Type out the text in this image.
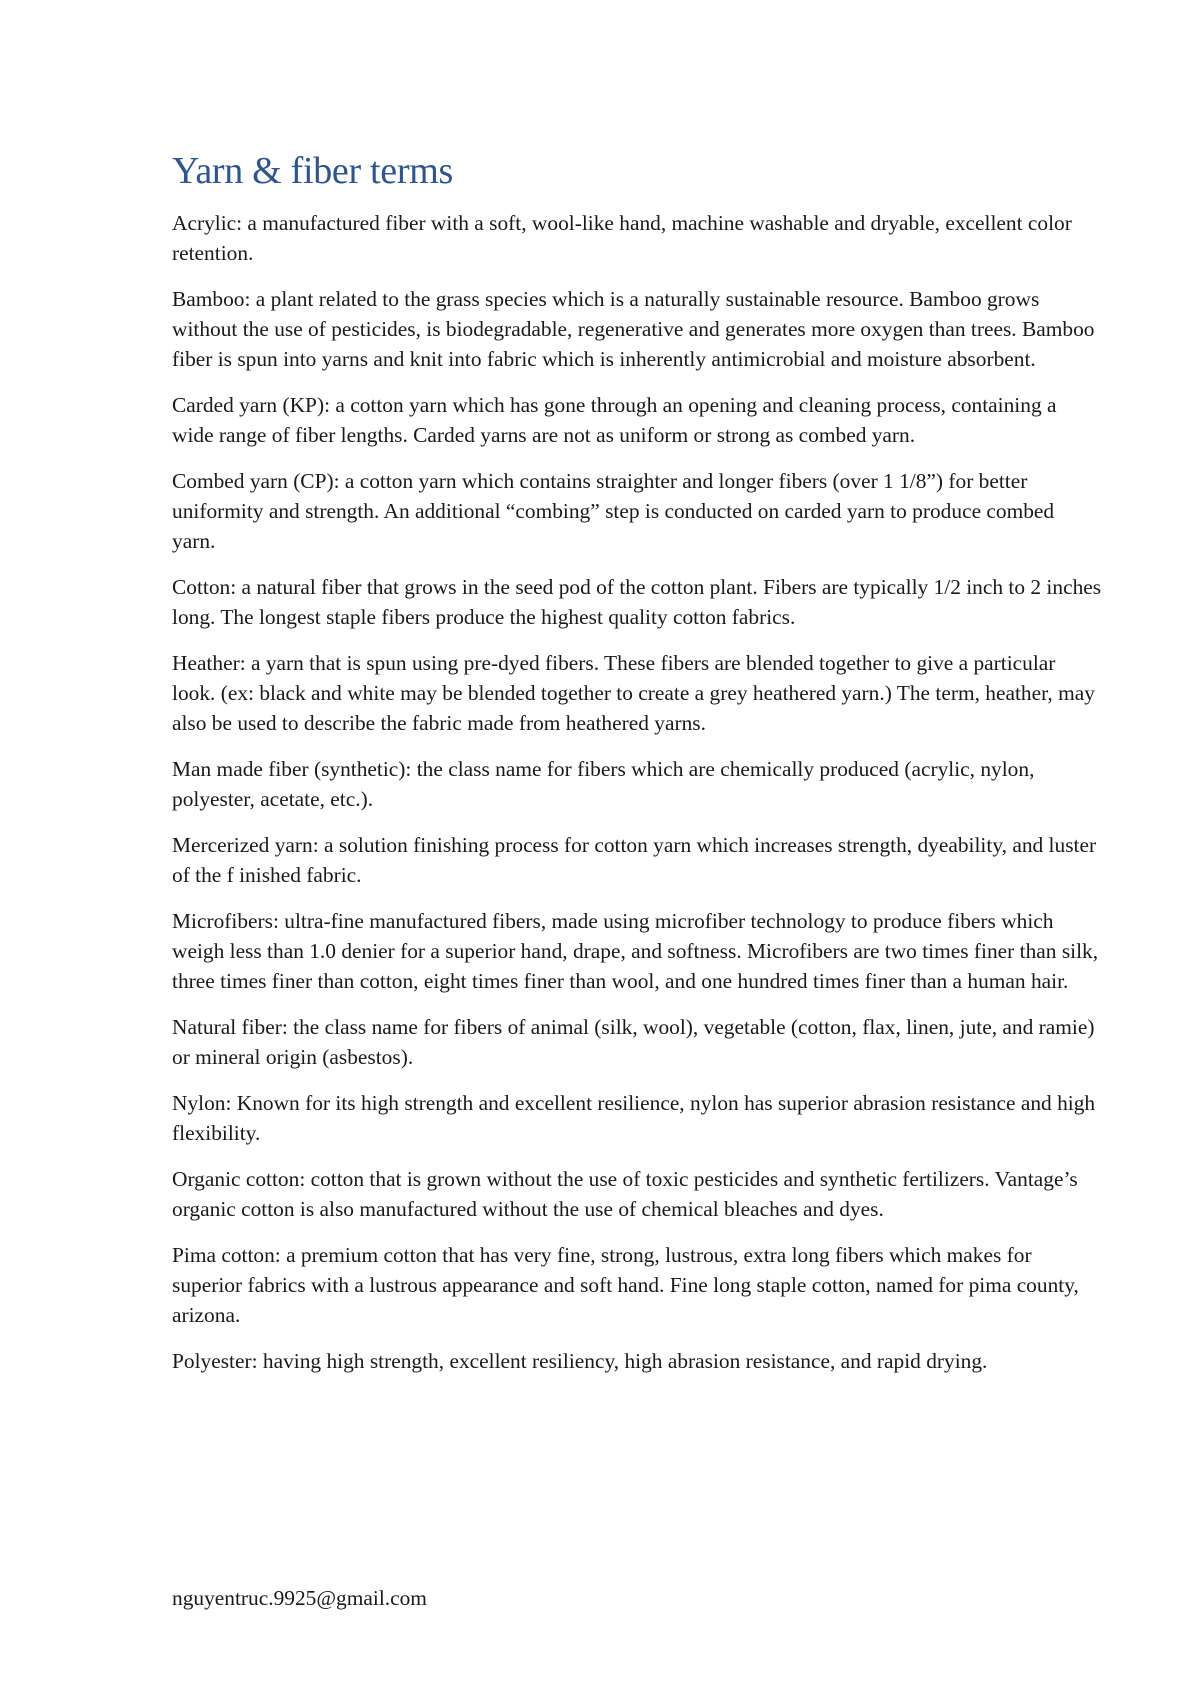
Yarn & fiber terms

Acrylic: a manufactured fiber with a soft, wool-like hand, machine washable and dryable, excellent color retention.

Bamboo: a plant related to the grass species which is a naturally sustainable resource. Bamboo grows without the use of pesticides, is biodegradable, regenerative and generates more oxygen than trees. Bamboo fiber is spun into yarns and knit into fabric which is inherently antimicrobial and moisture absorbent.

Carded yarn (KP): a cotton yarn which has gone through an opening and cleaning process, containing a wide range of fiber lengths. Carded yarns are not as uniform or strong as combed yarn.

Combed yarn (CP): a cotton yarn which contains straighter and longer fibers (over 1 1/8”) for better uniformity and strength. An additional “combing” step is conducted on carded yarn to produce combed yarn.

Cotton: a natural fiber that grows in the seed pod of the cotton plant. Fibers are typically 1/2 inch to 2 inches long. The longest staple fibers produce the highest quality cotton fabrics.

Heather: a yarn that is spun using pre-dyed fibers. These fibers are blended together to give a particular look. (ex: black and white may be blended together to create a grey heathered yarn.) The term, heather, may also be used to describe the fabric made from heathered yarns.

Man made fiber (synthetic): the class name for fibers which are chemically produced (acrylic, nylon, polyester, acetate, etc.).

Mercerized yarn: a solution finishing process for cotton yarn which increases strength, dyeability, and luster of the f inished fabric.

Microfibers: ultra-fine manufactured fibers, made using microfiber technology to produce fibers which weigh less than 1.0 denier for a superior hand, drape, and softness. Microfibers are two times finer than silk, three times finer than cotton, eight times finer than wool, and one hundred times finer than a human hair.

Natural fiber: the class name for fibers of animal (silk, wool), vegetable (cotton, flax, linen, jute, and ramie) or mineral origin (asbestos).

Nylon: Known for its high strength and excellent resilience, nylon has superior abrasion resistance and high flexibility.

Organic cotton: cotton that is grown without the use of toxic pesticides and synthetic fertilizers. Vantage’s organic cotton is also manufactured without the use of chemical bleaches and dyes.

Pima cotton: a premium cotton that has very fine, strong, lustrous, extra long fibers which makes for superior fabrics with a lustrous appearance and soft hand. Fine long staple cotton, named for pima county, arizona.

Polyester: having high strength, excellent resiliency, high abrasion resistance, and rapid drying.

nguyentruc.9925@gmail.com
